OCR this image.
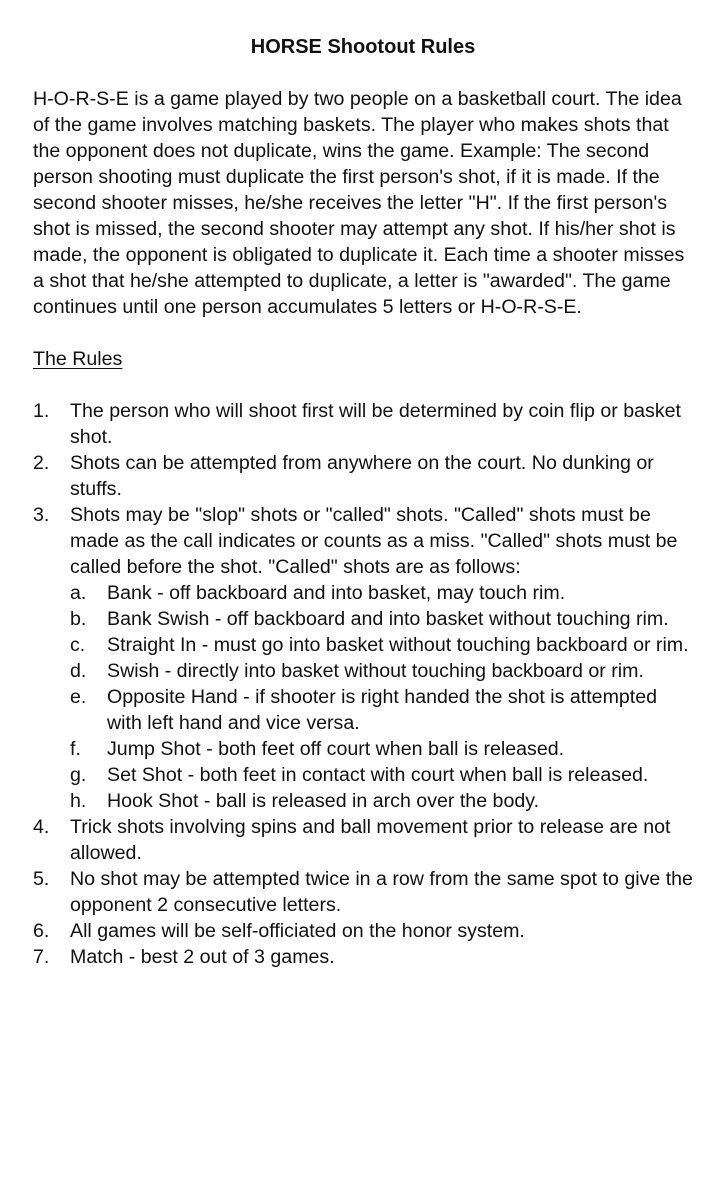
HORSE Shootout Rules

H-O-R-S-E is a game played by two people on a basketball court. The idea of the game involves matching baskets. The player who makes shots that the opponent does not duplicate, wins the game. Example: The second person shooting must duplicate the first person's shot, if it is made. If the second shooter misses, he/she receives the letter "H". If the first person's shot is missed, the second shooter may attempt any shot. If his/her shot is made, the opponent is obligated to duplicate it. Each time a shooter misses a shot that he/she attempted to duplicate, a letter is "awarded". The game continues until one person accumulates 5 letters or H-O-R-S-E.

The Rules
1.	The person who will shoot first will be determined by coin flip or basket shot.
2.	Shots can be attempted from anywhere on the court. No dunking or stuffs.
3.	Shots may be "slop" shots or "called" shots. "Called" shots must be made as the call indicates or counts as a miss. "Called" shots must be called before the shot. "Called" shots are as follows:
a.	Bank - off backboard and into basket, may touch rim.
b.	Bank Swish - off backboard and into basket without touching rim.
c.	Straight In - must go into basket without touching backboard or rim.
d.	Swish - directly into basket without touching backboard or rim.
e.	Opposite Hand - if shooter is right handed the shot is attempted with left hand and vice versa.
f.	Jump Shot - both feet off court when ball is released.
g.	Set Shot - both feet in contact with court when ball is released.
h.	Hook Shot - ball is released in arch over the body.
4.	Trick shots involving spins and ball movement prior to release are not allowed.
5.	No shot may be attempted twice in a row from the same spot to give the opponent 2 consecutive letters.
6.	All games will be self-officiated on the honor system.
7.	Match - best 2 out of 3 games.
